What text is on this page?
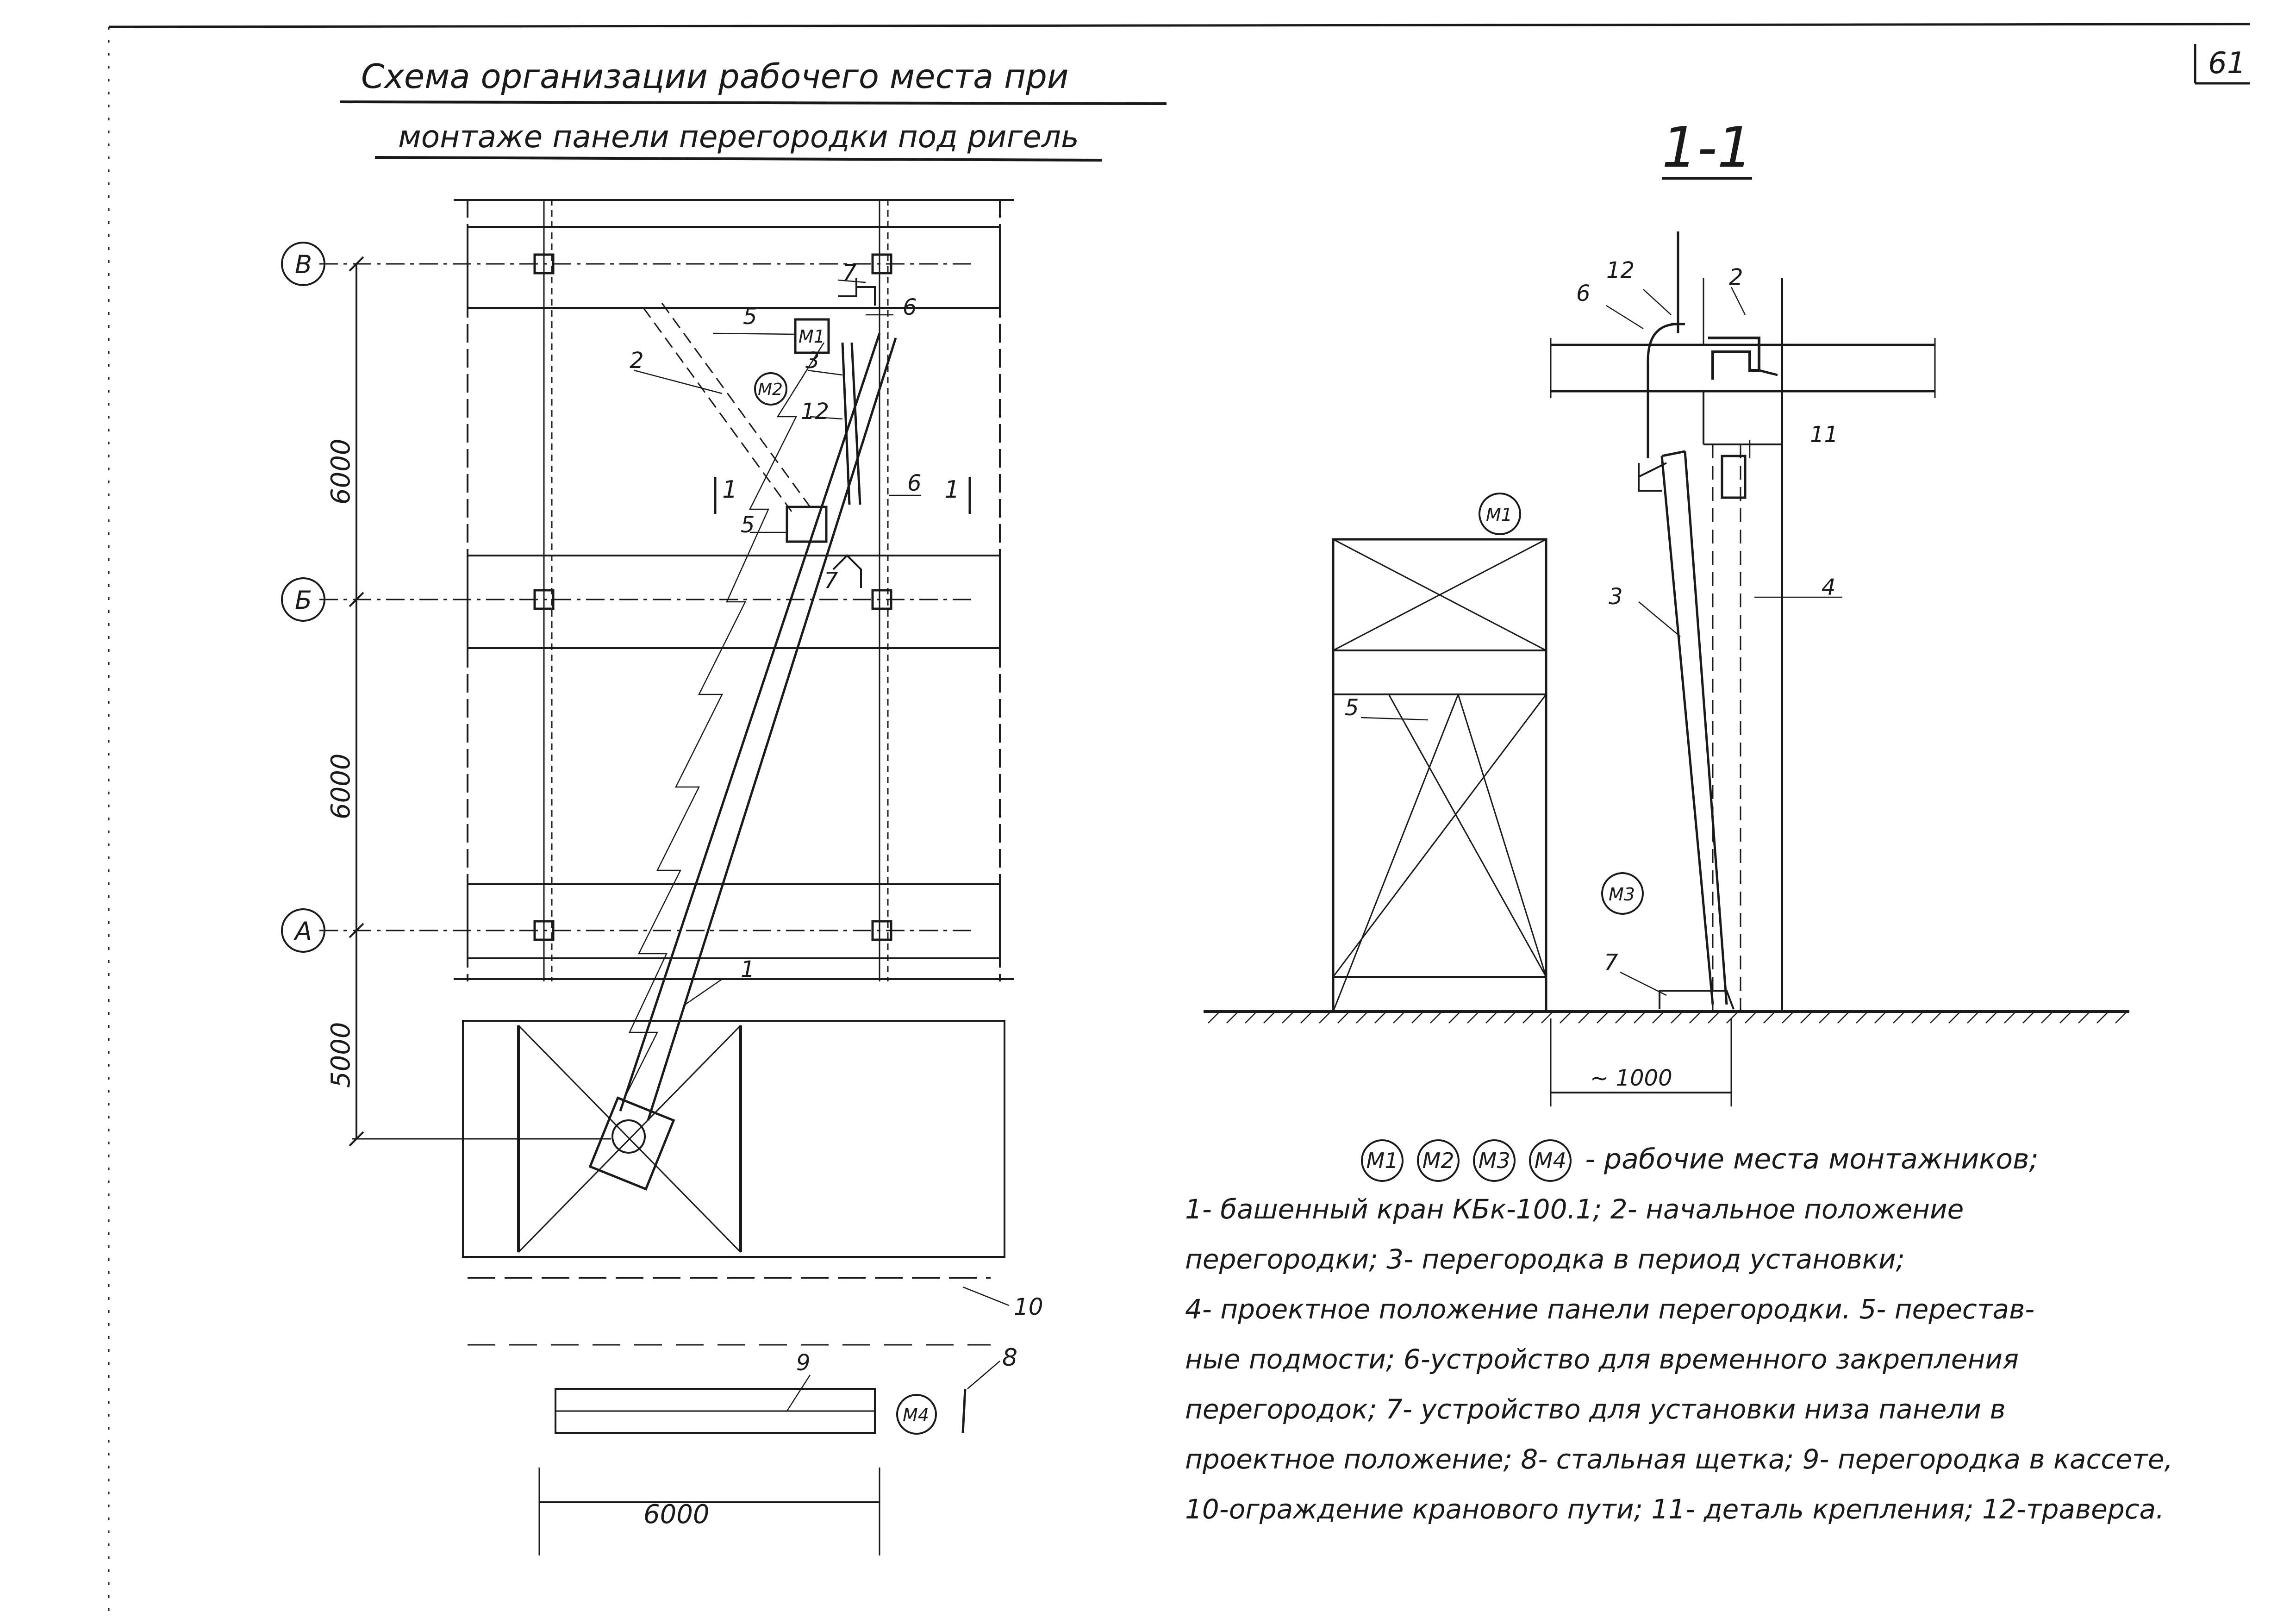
61
Схема организации рабочего места при
монтаже панели перегородки под ригель
В
Б
А
6000
6000
5000
6000
1
2	3
5
5
6
6
7
7
8
9
10
12
M1
M2
M4
1	1
1-1
12
6
2
11
3	4
5
7
~ 1000
M1
M3
M1 M2 M3 M4 - рабочие места монтажников;
1- башенный кран КБк-100.1; 2- начальное положение
перегородки; 3- перегородка в период установки;
4- проектное положение панели перегородки. 5- перестав-
ные подмости; 6-устройство для временного закрепления
перегородок; 7- устройство для установки низа панели в
проектное положение; 8- стальная щетка; 9- перегородка в кассете,
10-ограждение кранового пути; 11- деталь крепления; 12-траверса.
